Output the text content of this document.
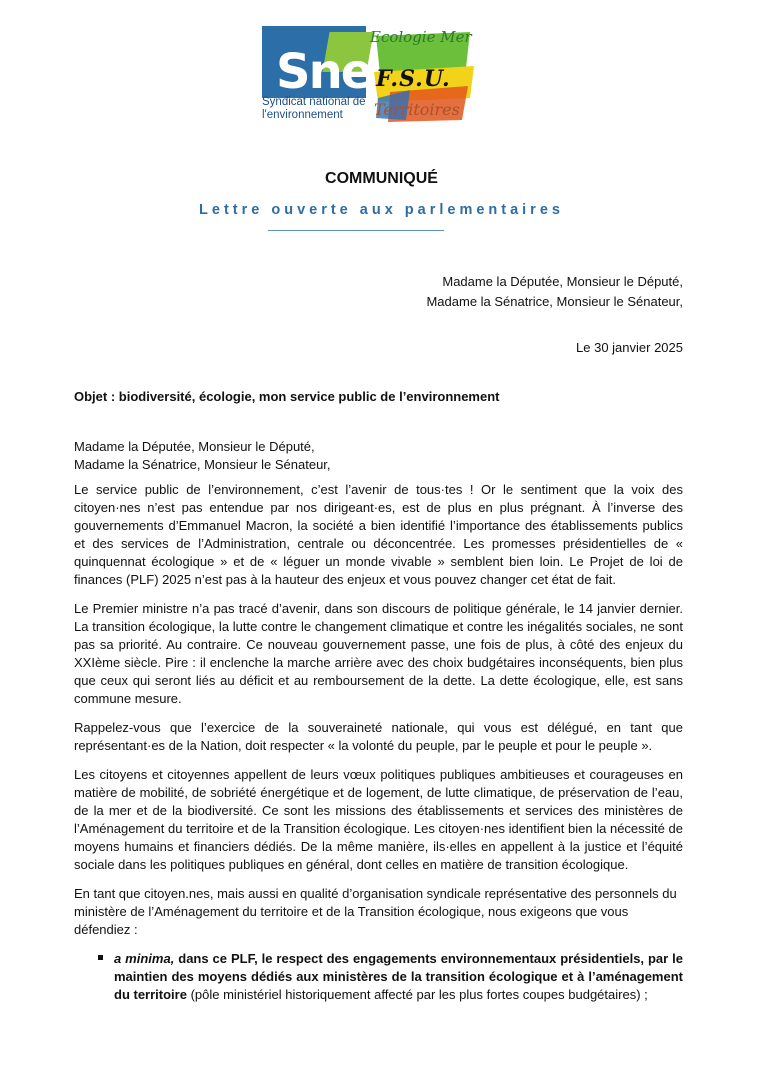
Sne
Syndicat national de
l'environnement
Ecologie Mer
F.S.U.
Territoires
COMMUNIQUÉ
Lettre ouverte aux parlementaires
Madame la Députée, Monsieur le Député,
Madame la Sénatrice, Monsieur le Sénateur,
Le 30 janvier 2025
Objet : biodiversité, écologie, mon service public de l’environnement
Madame la Députée, Monsieur le Député,
Madame la Sénatrice, Monsieur le Sénateur,

Le service public de l’environnement, c’est l’avenir de tous·tes ! Or le sentiment que la voix des citoyen·nes n’est pas entendue par nos dirigeant·es, est de plus en plus prégnant. À l’inverse des gouvernements d’Emmanuel Macron, la société a bien identifié l’importance des établissements publics et des services de l’Administration, centrale ou déconcentrée. Les promesses présidentielles de « quinquennat écologique » et de « léguer un monde vivable » semblent bien loin. Le Projet de loi de finances (PLF) 2025 n’est pas à la hauteur des enjeux et vous pouvez changer cet état de fait.

Le Premier ministre n’a pas tracé d’avenir, dans son discours de politique générale, le 14 janvier dernier. La transition écologique, la lutte contre le changement climatique et contre les inégalités sociales, ne sont pas sa priorité. Au contraire. Ce nouveau gouvernement passe, une fois de plus, à côté des enjeux du XXIème siècle. Pire : il enclenche la marche arrière avec des choix budgétaires inconséquents, bien plus que ceux qui seront liés au déficit et au remboursement de la dette. La dette écologique, elle, est sans commune mesure.

Rappelez-vous que l’exercice de la souveraineté nationale, qui vous est délégué, en tant que représentant·es de la Nation, doit respecter « la volonté du peuple, par le peuple et pour le peuple ».

Les citoyens et citoyennes appellent de leurs vœux politiques publiques ambitieuses et courageuses en matière de mobilité, de sobriété énergétique et de logement, de lutte climatique, de préservation de l’eau, de la mer et de la biodiversité. Ce sont les missions des établissements et services des ministères de l’Aménagement du territoire et de la Transition écologique. Les citoyen·nes identifient bien la nécessité de moyens humains et financiers dédiés. De la même manière, ils·elles en appellent à la justice et l’équité sociale dans les politiques publiques en général, dont celles en matière de transition écologique.

En tant que citoyen.nes, mais aussi en qualité d’organisation syndicale représentative des personnels du ministère de l’Aménagement du territoire et de la Transition écologique, nous exigeons que vous défendiez :

a minima, dans ce PLF, le respect des engagements environnementaux présidentiels, par le maintien des moyens dédiés aux ministères de la transition écologique et à l’aménagement du territoire (pôle ministériel historiquement affecté par les plus fortes coupes budgétaires) ;
